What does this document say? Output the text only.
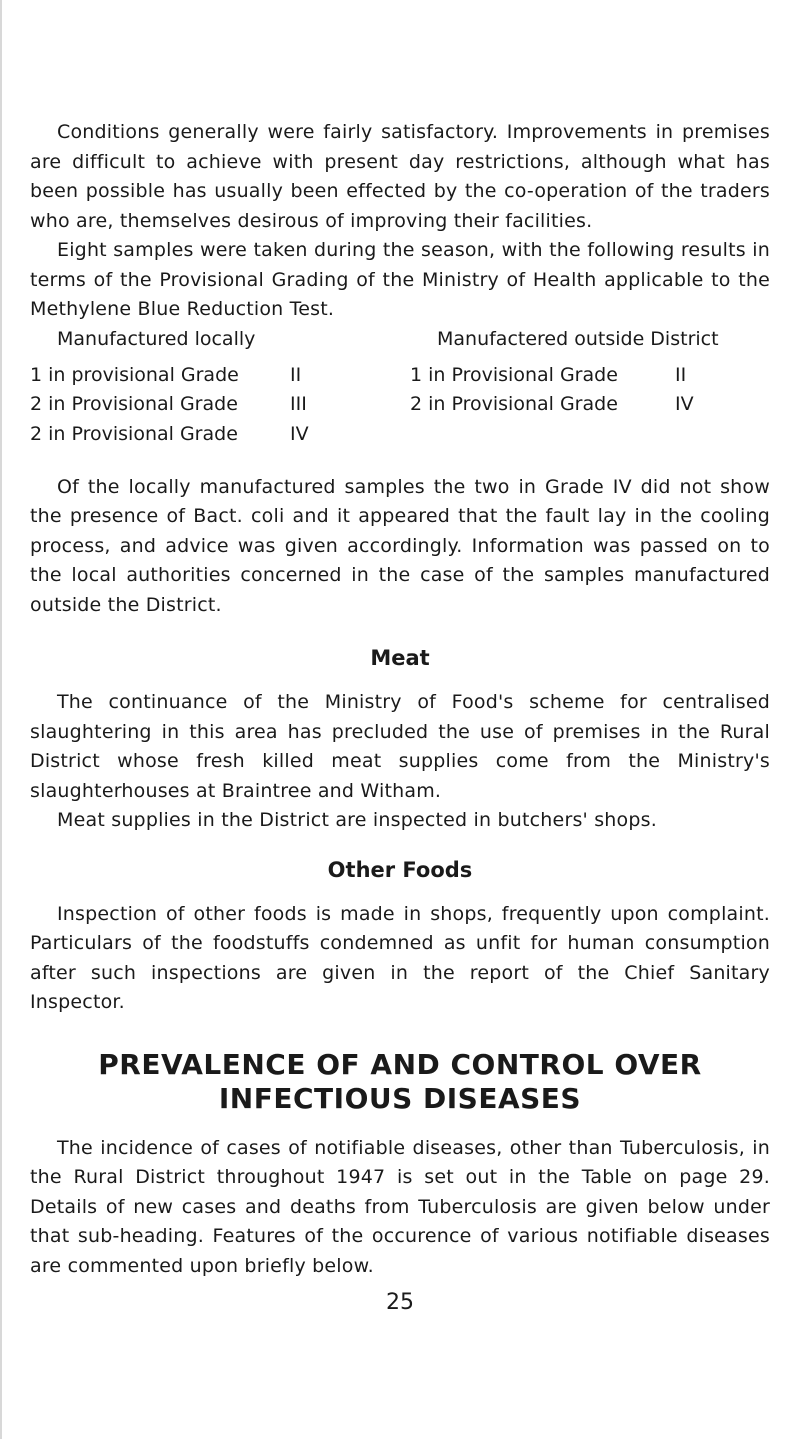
Conditions generally were fairly satisfactory. Improvements in premises are difficult to achieve with present day restrictions, although what has been possible has usually been effected by the co-operation of the traders who are, themselves desirous of improving their facilities.

Eight samples were taken during the season, with the following results in terms of the Provisional Grading of the Ministry of Health applicable to the Methylene Blue Reduction Test.

Manufactured locally
1 in provisional Grade	II
2 in Provisional Grade	III
2 in Provisional Grade	IV
Manufactered outside District
1 in Provisional Grade	II
2 in Provisional Grade	IV

Of the locally manufactured samples the two in Grade IV did not show the presence of Bact. coli and it appeared that the fault lay in the cooling process, and advice was given accordingly. Information was passed on to the local authorities concerned in the case of the samples manufactured outside the District.

Meat

The continuance of the Ministry of Food's scheme for centralised slaughtering in this area has precluded the use of premises in the Rural District whose fresh killed meat supplies come from the Ministry's slaughterhouses at Braintree and Witham.

Meat supplies in the District are inspected in butchers' shops.

Other Foods

Inspection of other foods is made in shops, frequently upon complaint. Particulars of the foodstuffs condemned as unfit for human consumption after such inspections are given in the report of the Chief Sanitary Inspector.

PREVALENCE OF AND CONTROL OVER
INFECTIOUS DISEASES

The incidence of cases of notifiable diseases, other than Tuberculosis, in the Rural District throughout 1947 is set out in the Table on page 29. Details of new cases and deaths from Tuberculosis are given below under that sub-heading. Features of the occurence of various notifiable diseases are commented upon briefly below.

25
